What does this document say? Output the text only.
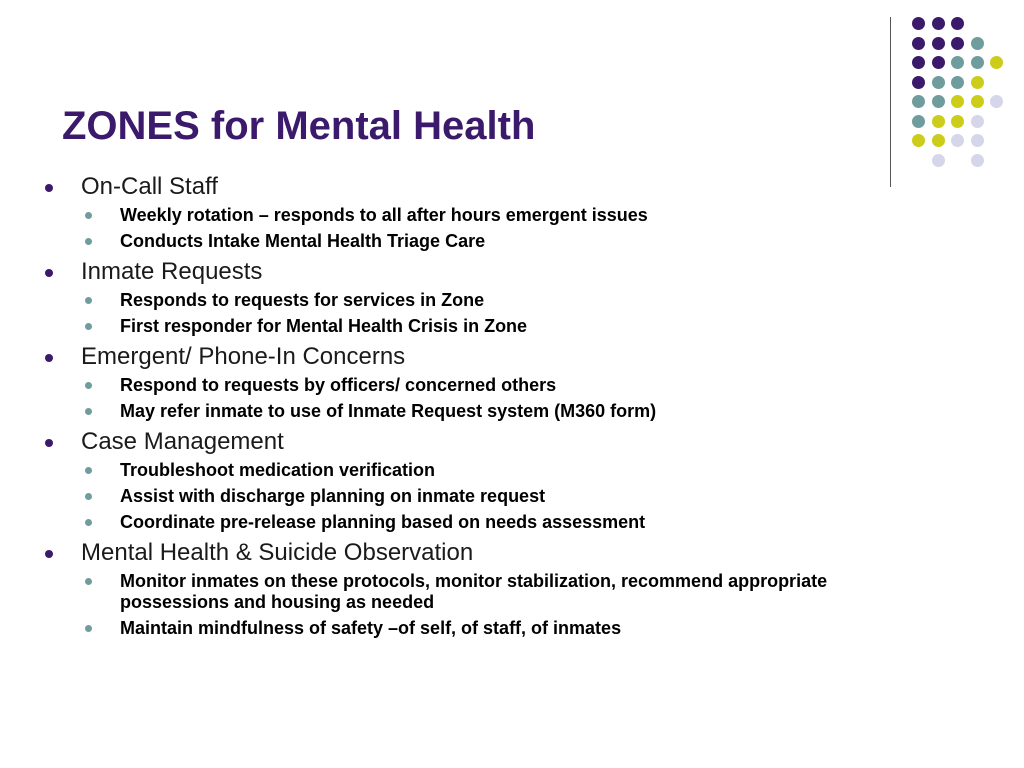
ZONES for Mental Health
On-Call Staff
Weekly rotation – responds to all after hours emergent issues
Conducts Intake Mental Health Triage Care
Inmate Requests
Responds to requests for services in Zone
First responder for Mental Health Crisis in Zone
Emergent/ Phone-In Concerns
Respond to requests by officers/ concerned others
May refer inmate to use of Inmate Request system (M360 form)
Case Management
Troubleshoot medication verification
Assist with discharge planning on inmate request
Coordinate pre-release planning based on needs assessment
Mental Health & Suicide Observation
Monitor inmates on these protocols, monitor stabilization, recommend appropriate possessions and housing as needed
Maintain mindfulness of safety –of self, of staff, of inmates
